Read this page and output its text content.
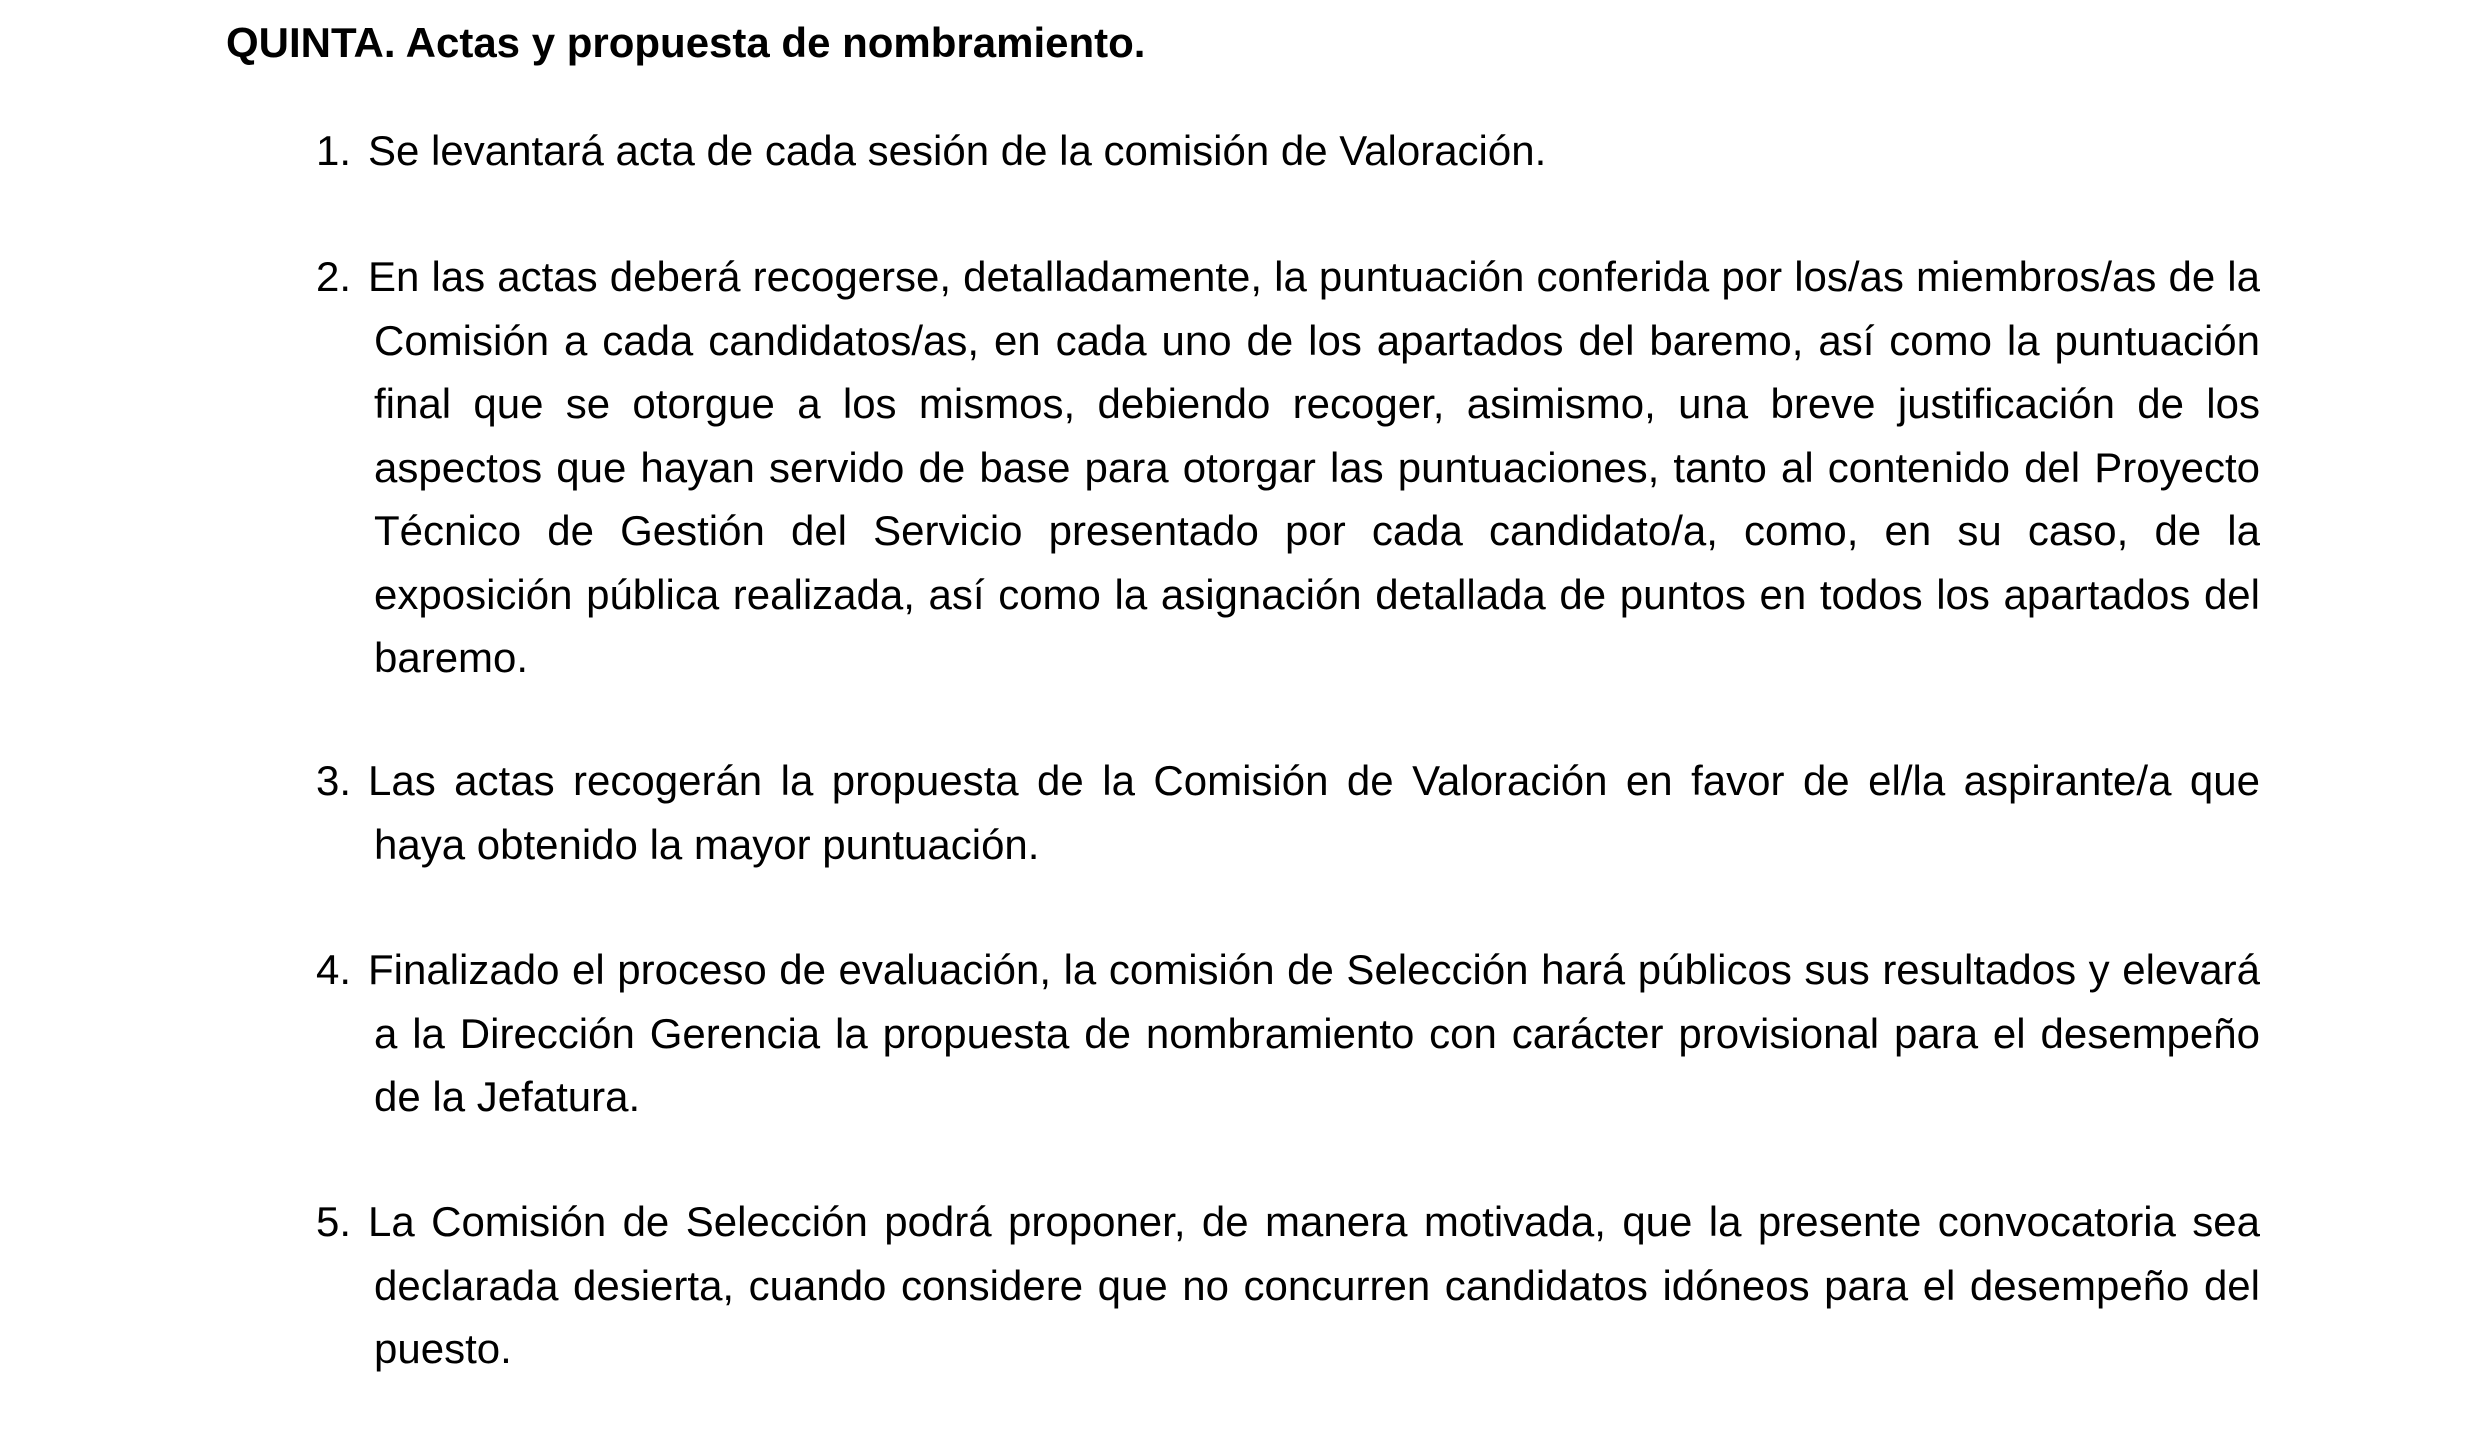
QUINTA. Actas y propuesta de nombramiento.
1. Se levantará acta de cada sesión de la comisión de Valoración.
2. En las actas deberá recogerse, detalladamente, la puntuación conferida por los/as miembros/as de la Comisión a cada candidatos/as, en cada uno de los apartados del baremo, así como la puntuación final que se otorgue a los mismos, debiendo recoger, asimismo, una breve justificación de los aspectos que hayan servido de base para otorgar las puntuaciones, tanto al contenido del Proyecto Técnico de Gestión del Servicio presentado por cada candidato/a, como, en su caso, de la exposición pública realizada, así como la asignación detallada de puntos en todos los apartados del baremo.
3. Las actas recogerán la propuesta de la Comisión de Valoración en favor de el/la aspirante/a que haya obtenido la mayor puntuación.
4. Finalizado el proceso de evaluación, la comisión de Selección hará públicos sus resultados y elevará a la Dirección Gerencia la propuesta de nombramiento con carácter provisional para el desempeño de la Jefatura.
5. La Comisión de Selección podrá proponer, de manera motivada, que la presente convocatoria sea declarada desierta, cuando considere que no concurren candidatos idóneos para el desempeño del puesto.
